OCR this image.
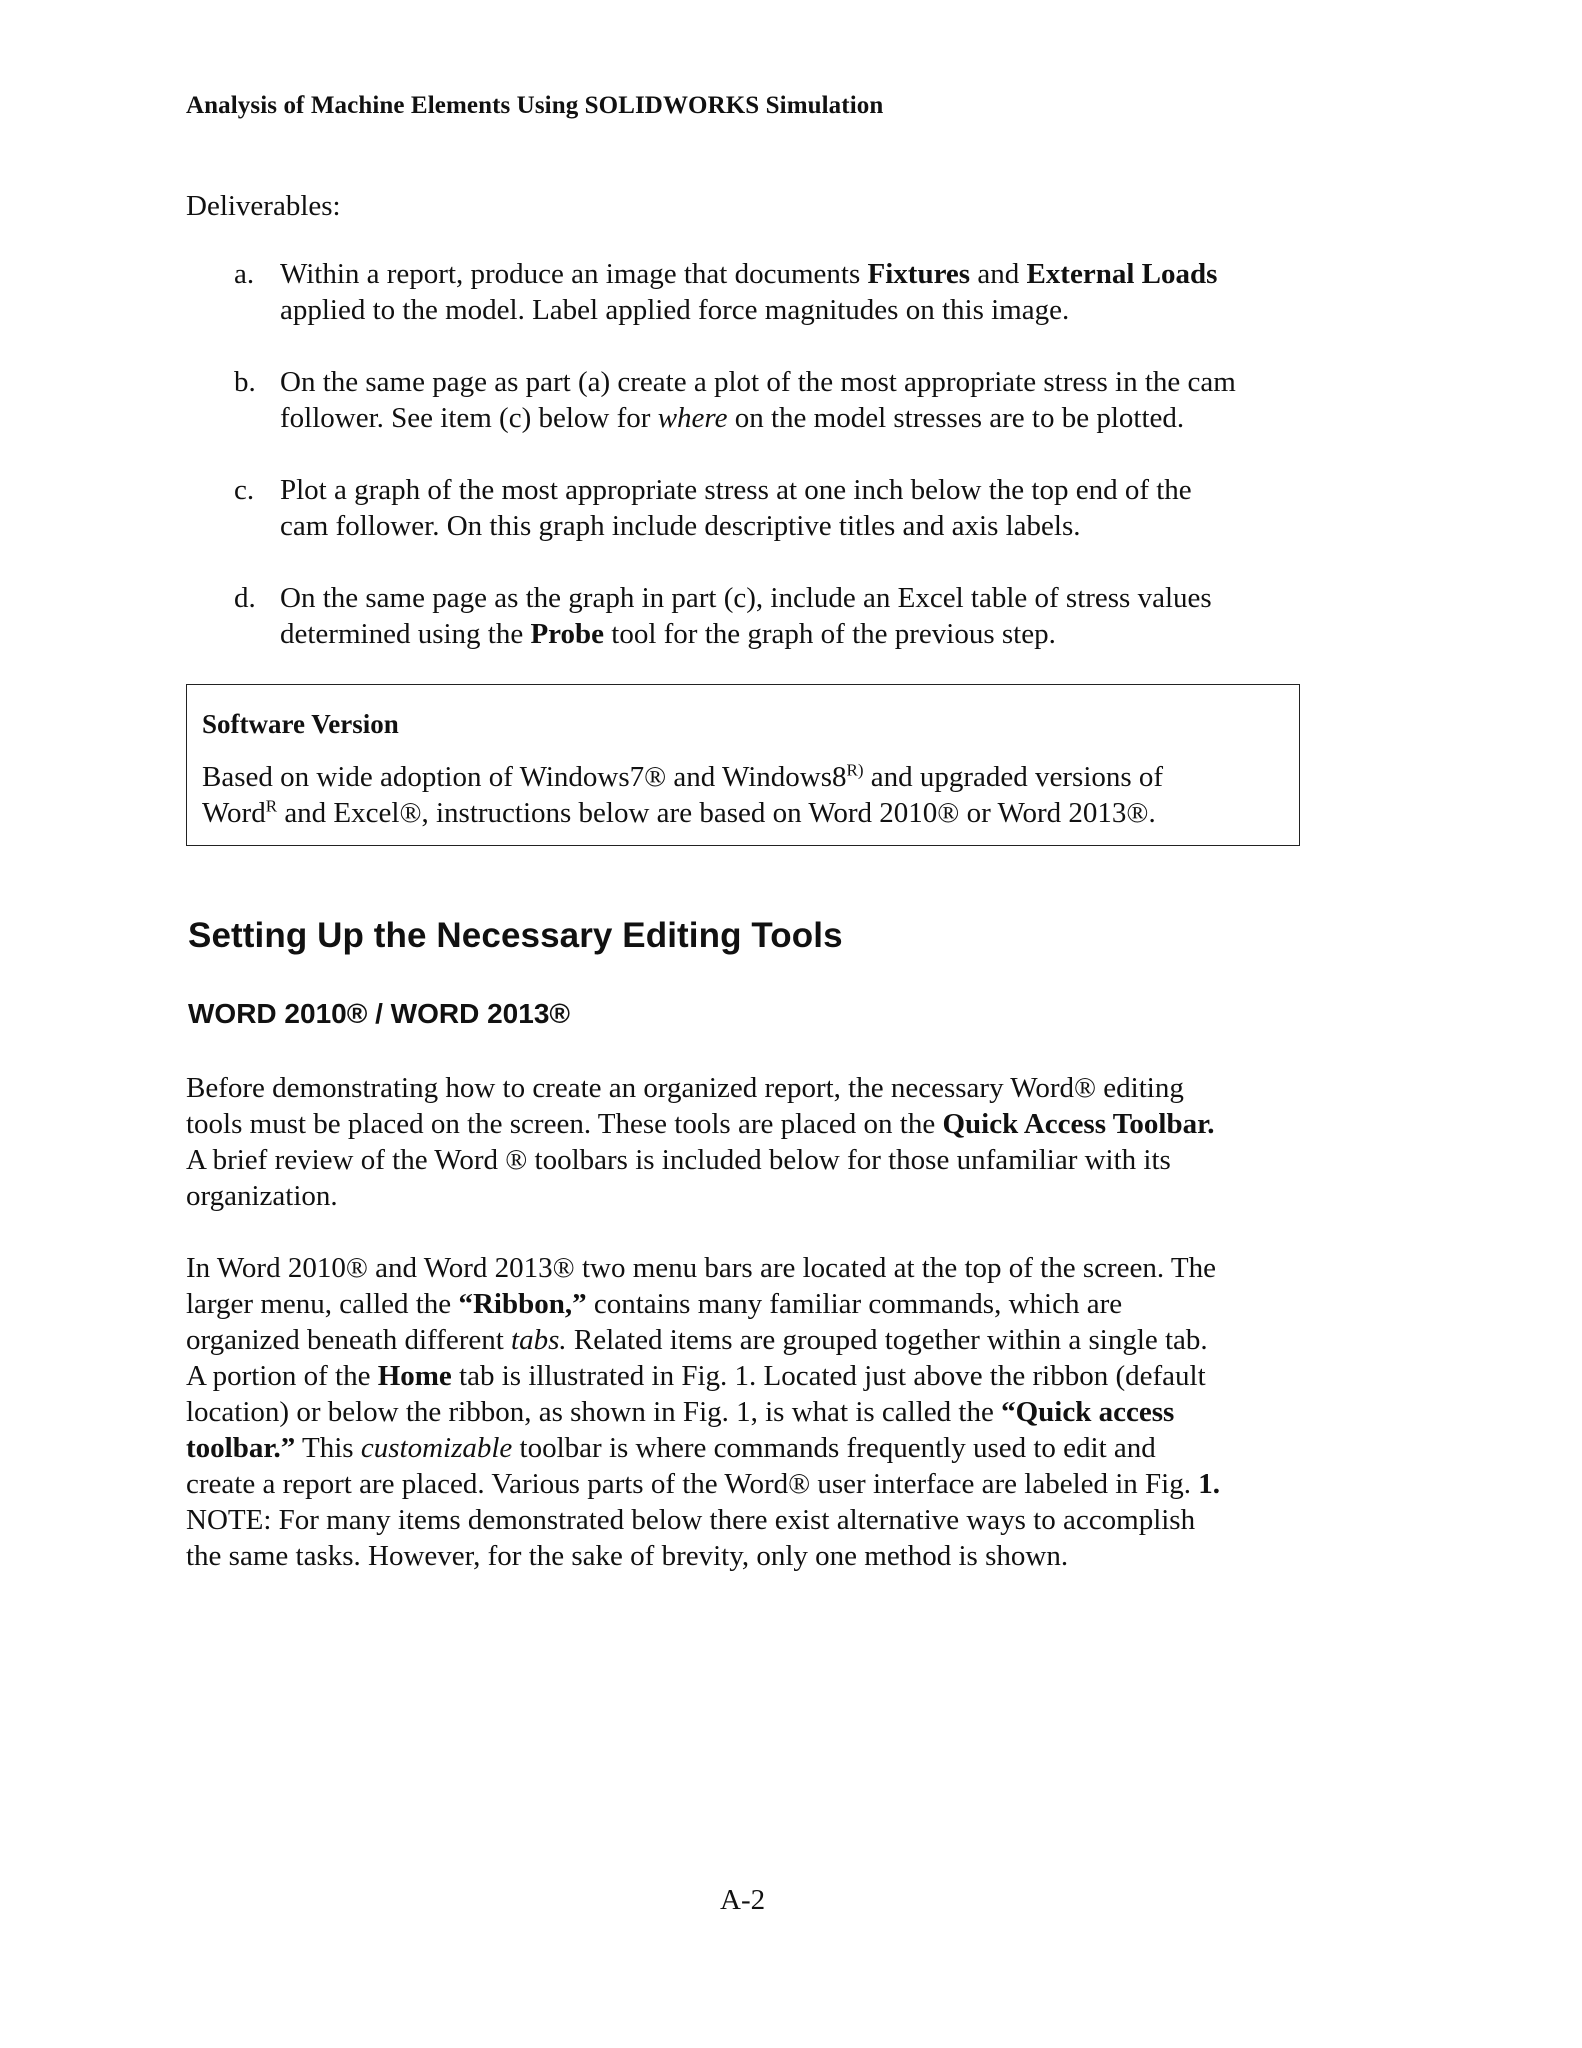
Analysis of Machine Elements Using SOLIDWORKS Simulation
Deliverables:
a. Within a report, produce an image that documents Fixtures and External Loads
applied to the model. Label applied force magnitudes on this image.
b. On the same page as part (a) create a plot of the most appropriate stress in the cam
follower. See item (c) below for where on the model stresses are to be plotted.
c. Plot a graph of the most appropriate stress at one inch below the top end of the
cam follower. On this graph include descriptive titles and axis labels.
d. On the same page as the graph in part (c), include an Excel table of stress values
determined using the Probe tool for the graph of the previous step.
Software Version
Based on wide adoption of Windows7® and $Windows8^{R)}$ and upgraded versions of
Word$^R$ and Excel®, instructions below are based on Word 2010® or Word 2013®.
Setting Up the Necessary Editing Tools
WORD 2010® / WORD 2013®
Before demonstrating how to create an organized report, the necessary Word® editing
tools must be placed on the screen. These tools are placed on the Quick Access Toolbar.
A brief review of the Word ® toolbars is included below for those unfamiliar with its
organization.
In Word 2010® and Word 2013® two menu bars are located at the top of the screen. The
larger menu, called the “Ribbon,” contains many familiar commands, which are
organized beneath different tabs. Related items are grouped together within a single tab.
A portion of the Home tab is illustrated in Fig. 1. Located just above the ribbon (default
location) or below the ribbon, as shown in Fig. 1, is what is called the “Quick access
toolbar.” This customizable toolbar is where commands frequently used to edit and
create a report are placed. Various parts of the Word® user interface are labeled in Fig. 1.
NOTE: For many items demonstrated below there exist alternative ways to accomplish
the same tasks. However, for the sake of brevity, only one method is shown.
A-2
